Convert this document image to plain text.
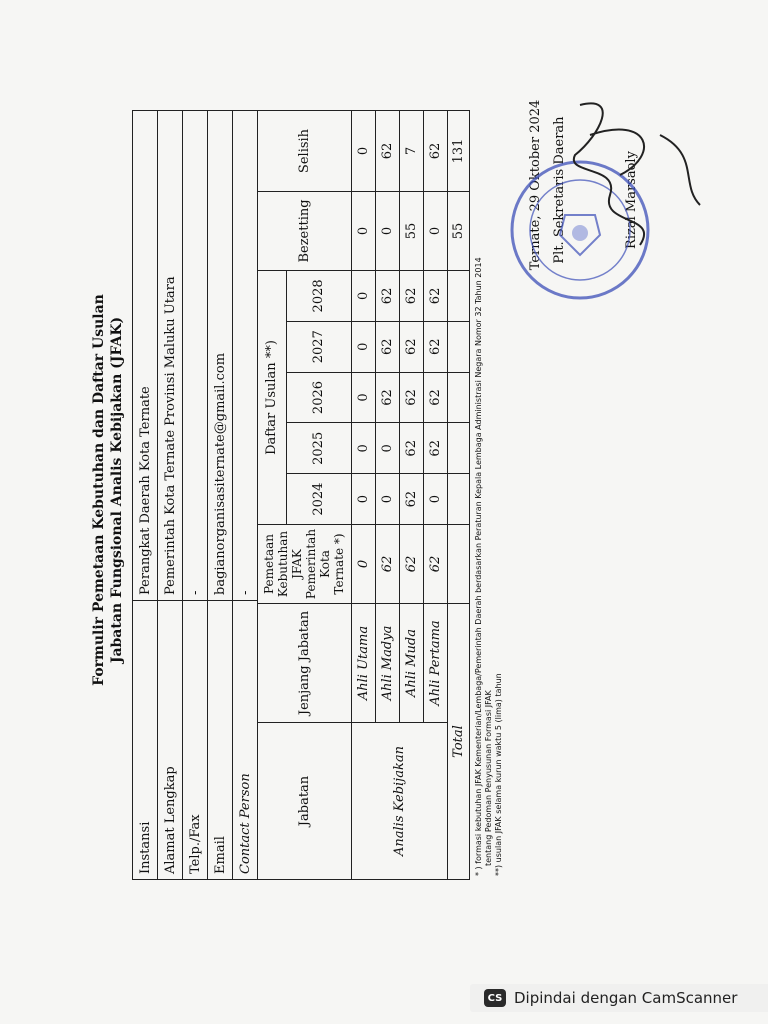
Formulir Pemetaan Kebutuhan dan Daftar Usulan Jabatan Fungsional Analis Kebijakan (JFAK)
Instansi	Perangkat Daerah Kota Ternate
Alamat Lengkap	Pemerintah Kota Ternate Provinsi Maluku Utara
Telp./Fax	-
Email	bagianorganisasiternate@gmail.com
Contact Person	-
Jabatan	Jenjang Jabatan	Pemetaan Kebutuhan JFAK Pemerintah Kota Ternate *)	Daftar Usulan **)					Bezetting	Selisih
			2024	2025	2026	2027	2028		
Analis Kebijakan	Ahli Utama	0	0	0	0	0	0	0	0
	Ahli Madya	62	0	0	62	62	62	0	62
	Ahli Muda	62	62	62	62	62	62	55	7
	Ahli Pertama	62	0	62	62	62	62	0	62
Total								55	131
* ) formasi kebutuhan JFAK Kementerian/Lembaga/Pemerintah Daerah berdasarkan Peraturan Kepala Lembaga Administrasi Negara Nomor 32 Tahun 2014 tentang Pedoman Penyusunan Formasi JFAK **) usulan JFAK selama kurun waktu 5 (lima) tahun
Ternate, 29 Oktober 2024 Plt. Sekretaris Daerah	Rizal Marsaoly
CS Dipindai dengan CamScanner
